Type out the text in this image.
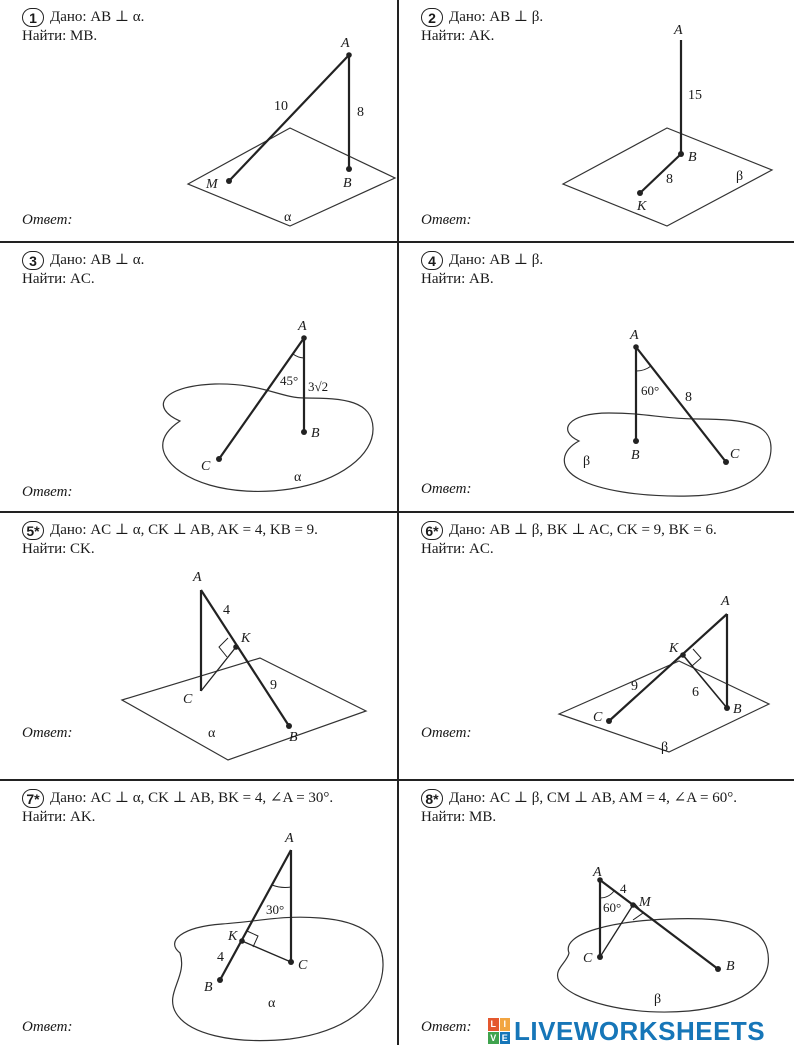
1 Дано: AB ⊥ α.
Найти: MB.	A
M	B
α
10	8
Ответ:
2 Дано: AB ⊥ β.
Найти: AK.	A
B
K
β
15
8
Ответ:
3 Дано: AB ⊥ α.
Найти: AC.
A
B
C
α
45° 3√2
Ответ:
4 Дано: AB ⊥ β.
Найти: AB.
A
B	C
β
60° 8
Ответ:
5* Дано: AC ⊥ α, CK ⊥ AB, AK = 4, KB = 9.
Найти: CK.
A
K
C
B
α
4
9
Ответ:
6* Дано: AB ⊥ β, BK ⊥ AC, CK = 9, BK = 6.
Найти: AC.
A
K
C
B
β
9	6
Ответ:
7* Дано: AC ⊥ α, CK ⊥ AB, BK = 4, ∠A = 30°.
Найти: AK.
A
K
C
B
α
30°
4
Ответ:
8* Дано: AC ⊥ β, CM ⊥ AB, AM = 4, ∠A = 60°.
Найти: MB.
A
M
C
B
β
60°
4
Ответ: L I
V E LIVEWORKSHEETS
